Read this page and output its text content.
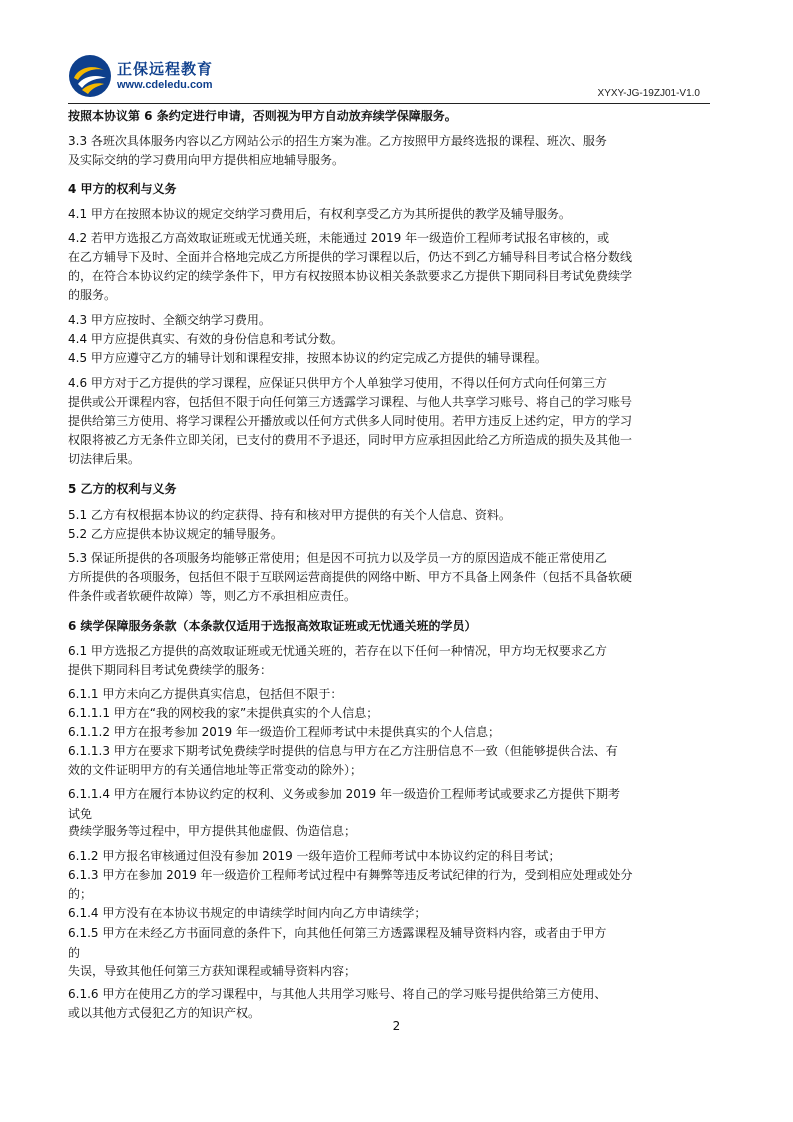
正保远程教育
www.cdeledu.com
XYXY-JG-19ZJ01-V1.0
按照本协议第 6 条约定进行申请，否则视为甲方自动放弃续学保障服务。
3.3 各班次具体服务内容以乙方网站公示的招生方案为准。乙方按照甲方最终选报的课程、班次、服务
及实际交纳的学习费用向甲方提供相应地辅导服务。
4 甲方的权利与义务
4.1 甲方在按照本协议的规定交纳学习费用后，有权利享受乙方为其所提供的教学及辅导服务。
4.2 若甲方选报乙方高效取证班或无忧通关班，未能通过 2019 年一级造价工程师考试报名审核的，或
在乙方辅导下及时、全面并合格地完成乙方所提供的学习课程以后，仍达不到乙方辅导科目考试合格分数线
的，在符合本协议约定的续学条件下，甲方有权按照本协议相关条款要求乙方提供下期同科目考试免费续学
的服务。
4.3 甲方应按时、全额交纳学习费用。
4.4 甲方应提供真实、有效的身份信息和考试分数。
4.5 甲方应遵守乙方的辅导计划和课程安排，按照本协议的约定完成乙方提供的辅导课程。
4.6 甲方对于乙方提供的学习课程，应保证只供甲方个人单独学习使用，不得以任何方式向任何第三方
提供或公开课程内容，包括但不限于向任何第三方透露学习课程、与他人共享学习账号、将自己的学习账号
提供给第三方使用、将学习课程公开播放或以任何方式供多人同时使用。若甲方违反上述约定，甲方的学习
权限将被乙方无条件立即关闭，已支付的费用不予退还，同时甲方应承担因此给乙方所造成的损失及其他一
切法律后果。
5 乙方的权利与义务
5.1 乙方有权根据本协议的约定获得、持有和核对甲方提供的有关个人信息、资料。
5.2 乙方应提供本协议规定的辅导服务。
5.3 保证所提供的各项服务均能够正常使用；但是因不可抗力以及学员一方的原因造成不能正常使用乙
方所提供的各项服务，包括但不限于互联网运营商提供的网络中断、甲方不具备上网条件（包括不具备软硬
件条件或者软硬件故障）等，则乙方不承担相应责任。
6 续学保障服务条款（本条款仅适用于选报高效取证班或无忧通关班的学员）
6.1 甲方选报乙方提供的高效取证班或无忧通关班的，若存在以下任何一种情况，甲方均无权要求乙方
提供下期同科目考试免费续学的服务：
6.1.1 甲方未向乙方提供真实信息，包括但不限于：
6.1.1.1 甲方在“我的网校我的家”未提供真实的个人信息；
6.1.1.2 甲方在报考参加 2019 年一级造价工程师考试中未提供真实的个人信息；
6.1.1.3 甲方在要求下期考试免费续学时提供的信息与甲方在乙方注册信息不一致（但能够提供合法、有
效的文件证明甲方的有关通信地址等正常变动的除外）；
6.1.1.4 甲方在履行本协议约定的权利、义务或参加 2019 年一级造价工程师考试或要求乙方提供下期考
试免
费续学服务等过程中，甲方提供其他虚假、伪造信息；
6.1.2 甲方报名审核通过但没有参加 2019 一级年造价工程师考试中本协议约定的科目考试；
6.1.3 甲方在参加 2019 年一级造价工程师考试过程中有舞弊等违反考试纪律的行为，受到相应处理或处分
的；
6.1.4 甲方没有在本协议书规定的申请续学时间内向乙方申请续学；
6.1.5 甲方在未经乙方书面同意的条件下，向其他任何第三方透露课程及辅导资料内容，或者由于甲方
的
失误，导致其他任何第三方获知课程或辅导资料内容；
6.1.6 甲方在使用乙方的学习课程中，与其他人共用学习账号、将自己的学习账号提供给第三方使用、
或以其他方式侵犯乙方的知识产权。
2
